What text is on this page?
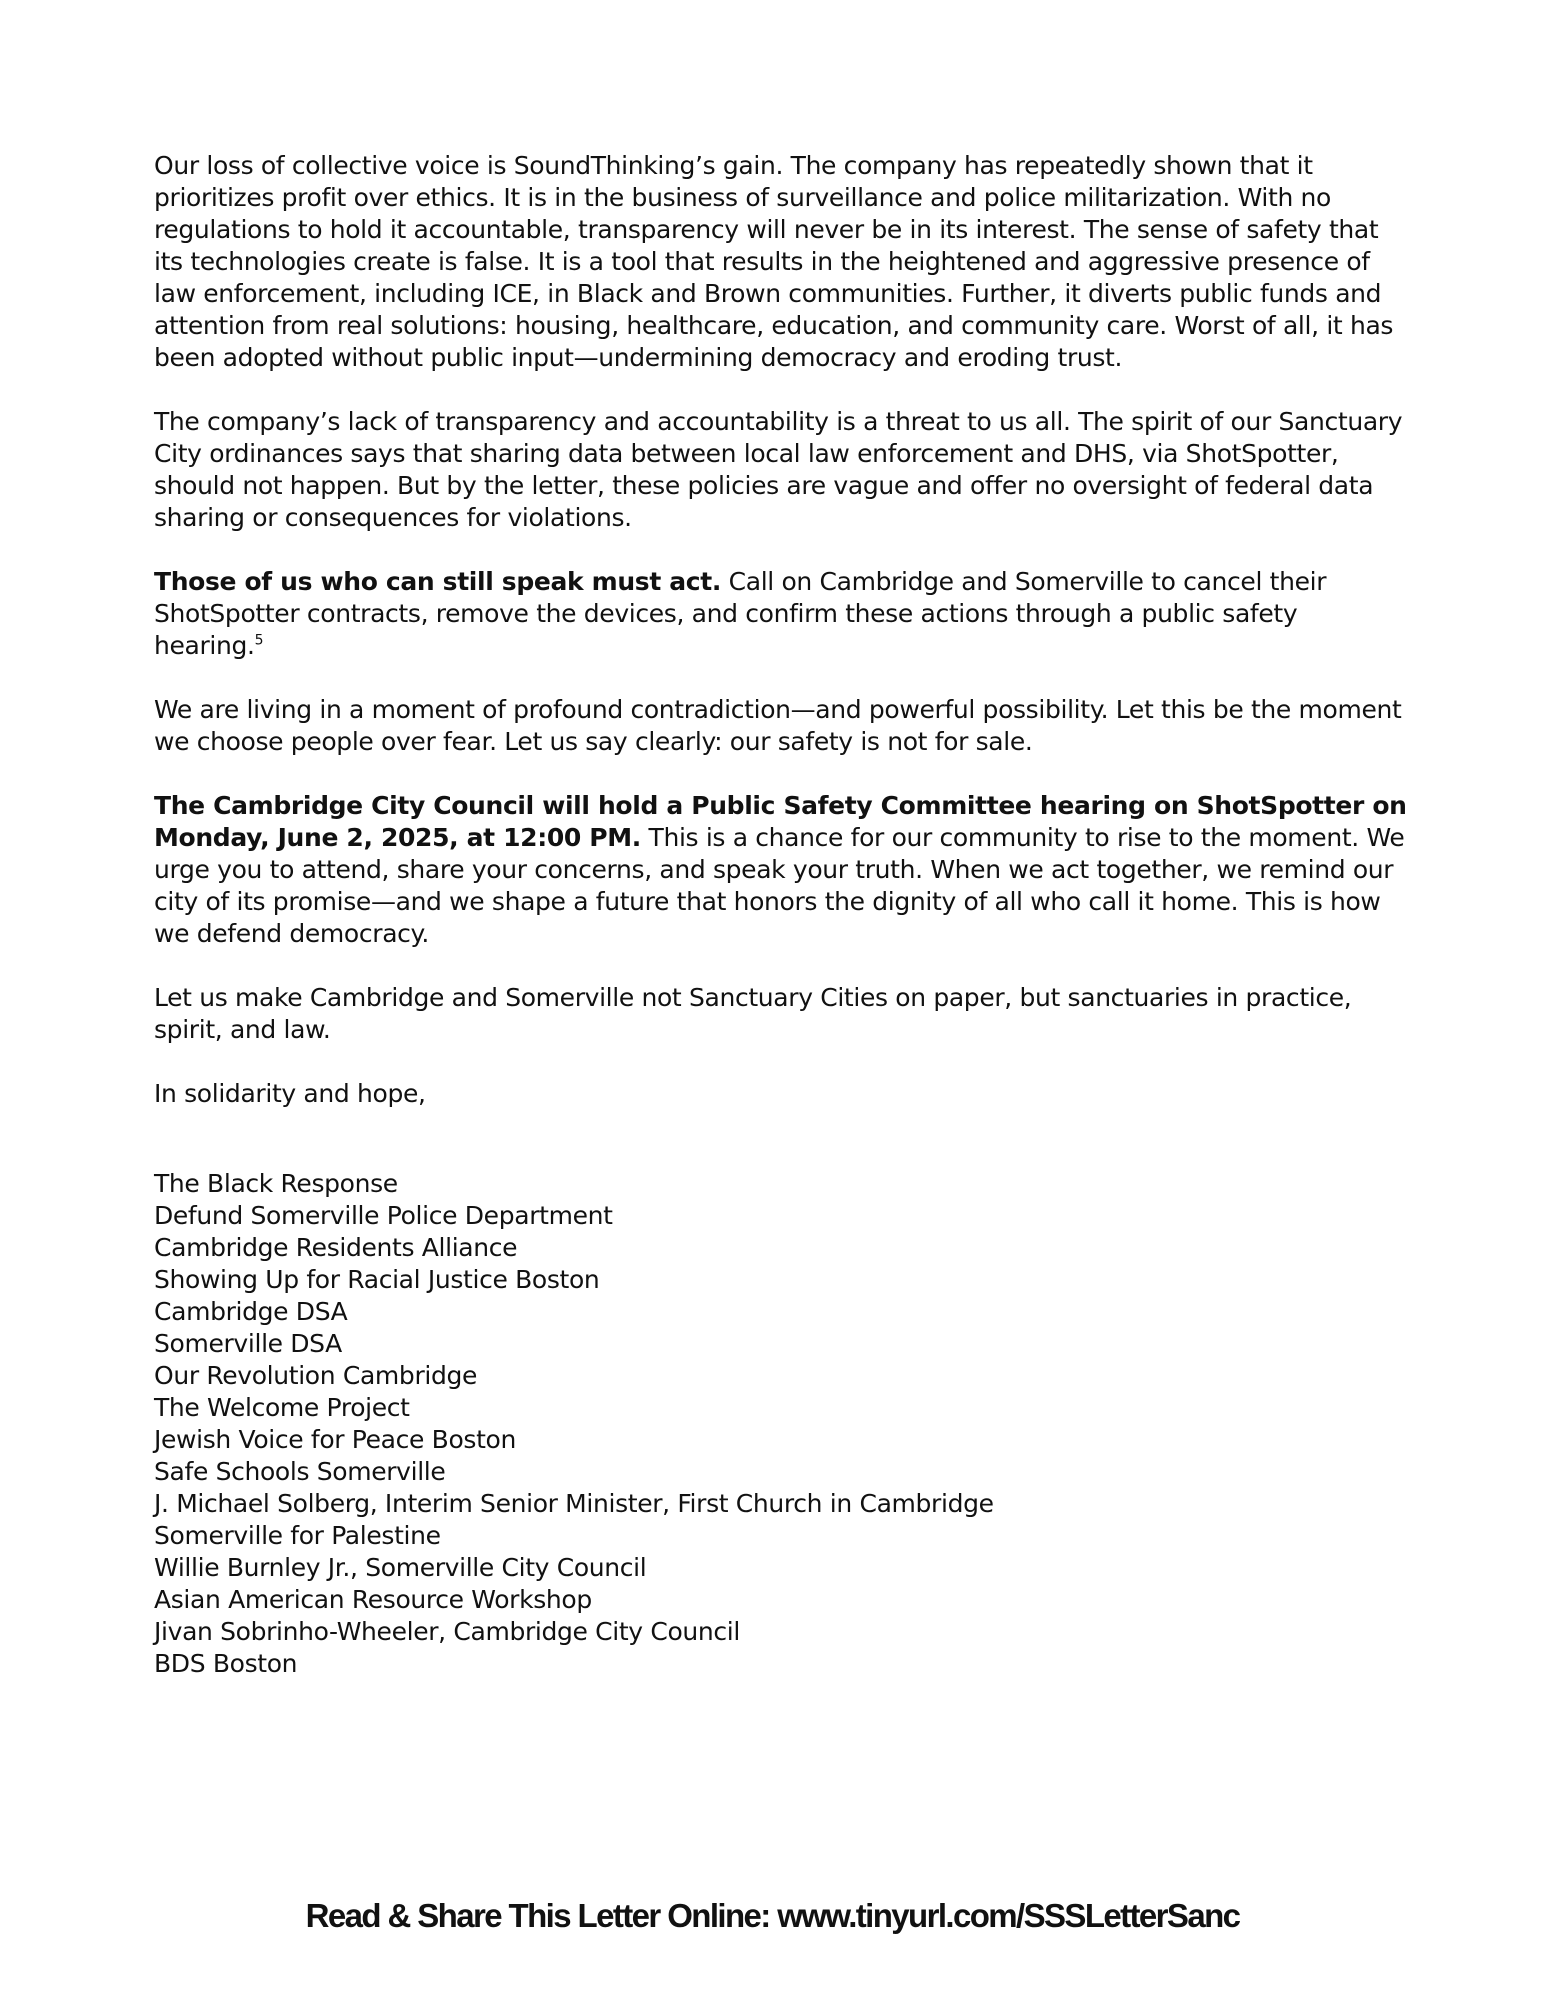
Our loss of collective voice is SoundThinking’s gain. The company has repeatedly shown that it prioritizes profit over ethics. It is in the business of surveillance and police militarization. With no regulations to hold it accountable, transparency will never be in its interest. The sense of safety that its technologies create is false. It is a tool that results in the heightened and aggressive presence of law enforcement, including ICE, in Black and Brown communities. Further, it diverts public funds and attention from real solutions: housing, healthcare, education, and community care. Worst of all, it has been adopted without public input—undermining democracy and eroding trust.

The company’s lack of transparency and accountability is a threat to us all. The spirit of our Sanctuary City ordinances says that sharing data between local law enforcement and DHS, via ShotSpotter, should not happen. But by the letter, these policies are vague and offer no oversight of federal data sharing or consequences for violations.

Those of us who can still speak must act. Call on Cambridge and Somerville to cancel their ShotSpotter contracts, remove the devices, and confirm these actions through a public safety hearing.$^5$

We are living in a moment of profound contradiction—and powerful possibility. Let this be the moment we choose people over fear. Let us say clearly: our safety is not for sale.

The Cambridge City Council will hold a Public Safety Committee hearing on ShotSpotter on Monday, June 2, 2025, at 12:00 PM. This is a chance for our community to rise to the moment. We urge you to attend, share your concerns, and speak your truth. When we act together, we remind our city of its promise—and we shape a future that honors the dignity of all who call it home. This is how we defend democracy.

Let us make Cambridge and Somerville not Sanctuary Cities on paper, but sanctuaries in practice, spirit, and law.

In solidarity and hope,

The Black Response
Defund Somerville Police Department
Cambridge Residents Alliance
Showing Up for Racial Justice Boston
Cambridge DSA
Somerville DSA
Our Revolution Cambridge
The Welcome Project
Jewish Voice for Peace Boston
Safe Schools Somerville
J. Michael Solberg, Interim Senior Minister, First Church in Cambridge
Somerville for Palestine
Willie Burnley Jr., Somerville City Council
Asian American Resource Workshop
Jivan Sobrinho-Wheeler, Cambridge City Council
BDS Boston
Read & Share This Letter Online: www.tinyurl.com/SSSLetterSanc
